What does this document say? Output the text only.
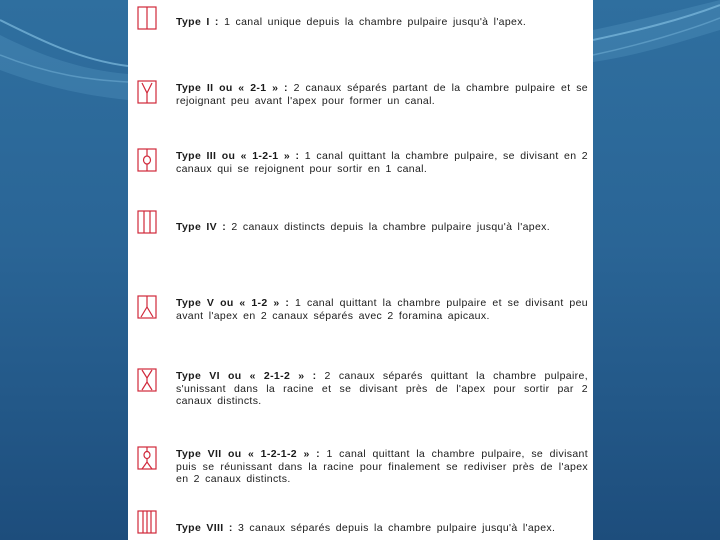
Type I : 1 canal unique depuis la chambre pulpaire jusqu'à l'apex.
Type II ou « 2-1 » : 2 canaux séparés partant de la chambre pulpaire et se rejoignant peu avant l'apex pour former un canal.
Type III ou « 1-2-1 » : 1 canal quittant la chambre pulpaire, se divisant en 2 canaux qui se rejoignent pour sortir en 1 canal.
Type IV : 2 canaux distincts depuis la chambre pulpaire jusqu'à l'apex.
Type V ou « 1-2 » : 1 canal quittant la chambre pulpaire et se divisant peu avant l'apex en 2 canaux séparés avec 2 foramina apicaux.
Type VI ou « 2-1-2 » : 2 canaux séparés quittant la chambre pulpaire, s'unissant dans la racine et se divisant près de l'apex pour sortir par 2 canaux distincts.
Type VII ou « 1-2-1-2 » : 1 canal quittant la chambre pulpaire, se divisant puis se réunissant dans la racine pour finalement se rediviser près de l'apex en 2 canaux distincts.
Type VIII : 3 canaux séparés depuis la chambre pulpaire jusqu'à l'apex.
